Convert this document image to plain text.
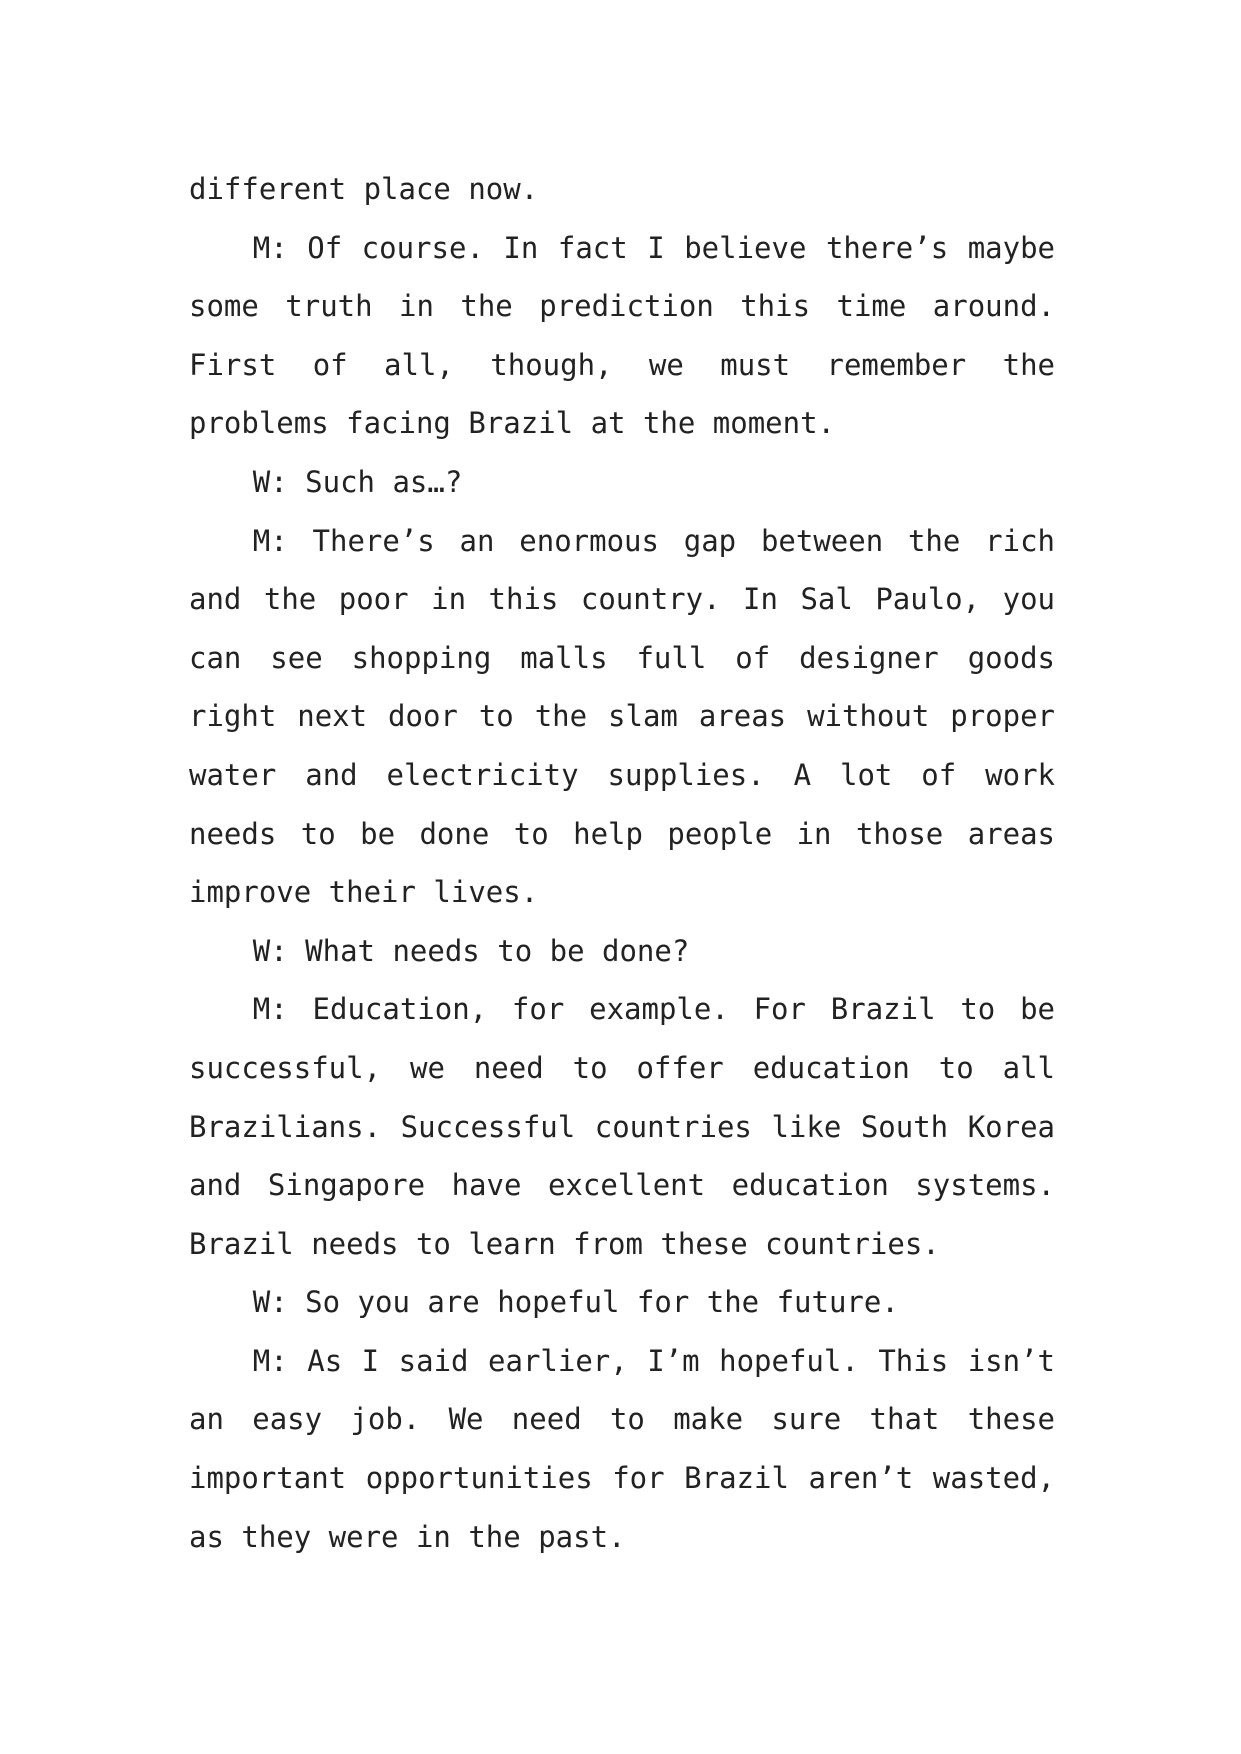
different place now.

M: Of course. In fact I believe there’s maybe some truth in the prediction this time around. First of all, though, we must remember the problems facing Brazil at the moment.

W: Such as…?

M: There’s an enormous gap between the rich and the poor in this country. In Sal Paulo, you can see shopping malls full of designer goods right next door to the slam areas without proper water and electricity supplies. A lot of work needs to be done to help people in those areas improve their lives.

W: What needs to be done?

M: Education, for example. For Brazil to be successful, we need to offer education to all Brazilians. Successful countries like South Korea and Singapore have excellent education systems. Brazil needs to learn from these countries.

W: So you are hopeful for the future.

M: As I said earlier, I’m hopeful. This isn’t an easy job. We need to make sure that these important opportunities for Brazil aren’t wasted, as they were in the past.
